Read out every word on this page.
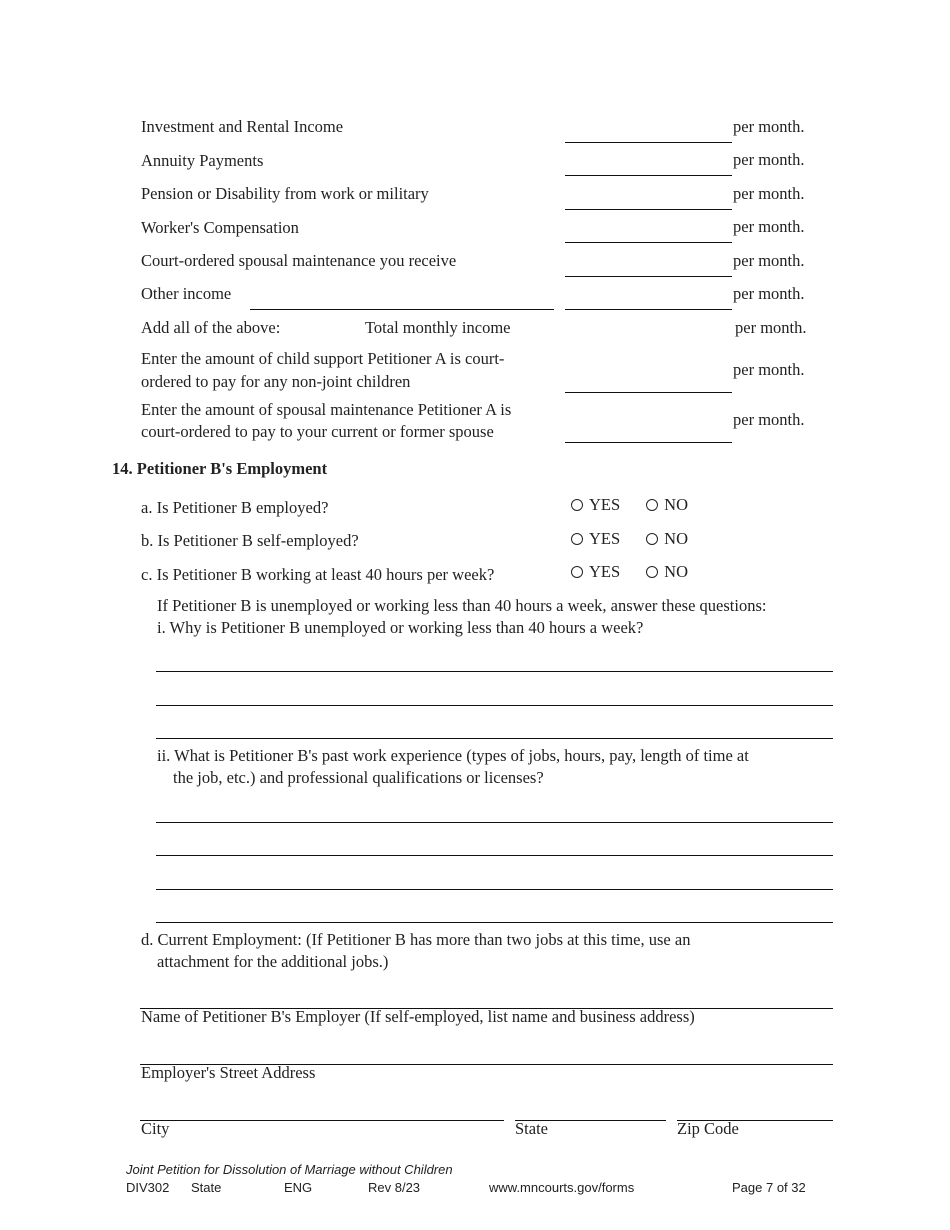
Investment and Rental Income	per month.
Annuity Payments	per month.
Pension or Disability from work or military	per month.
Worker's Compensation	per month.
Court-ordered spousal maintenance you receive	per month.
Other income	per month.
Add all of the above:	Total monthly income	per month.
Enter the amount of child support Petitioner A is court-
ordered to pay for any non-joint children
per month.
Enter the amount of spousal maintenance Petitioner A is
court-ordered to pay to your current or former spouse
per month.
14. Petitioner B's Employment
a. Is Petitioner B employed?	YES	NO
b. Is Petitioner B self-employed?	YES	NO
c. Is Petitioner B working at least 40 hours per week?	YES	NO
If Petitioner B is unemployed or working less than 40 hours a week, answer these questions:
i. Why is Petitioner B unemployed or working less than 40 hours a week?
ii. What is Petitioner B's past work experience (types of jobs, hours, pay, length of time at
the job, etc.) and professional qualifications or licenses?
d. Current Employment: (If Petitioner B has more than two jobs at this time, use an
attachment for the additional jobs.)
Name of Petitioner B's Employer (If self-employed, list name and business address)
Employer's Street Address
City	State	Zip Code
Joint Petition for Dissolution of Marriage without Children
DIV302 State	ENG	Rev 8/23	www.mncourts.gov/forms	Page 7 of 32
